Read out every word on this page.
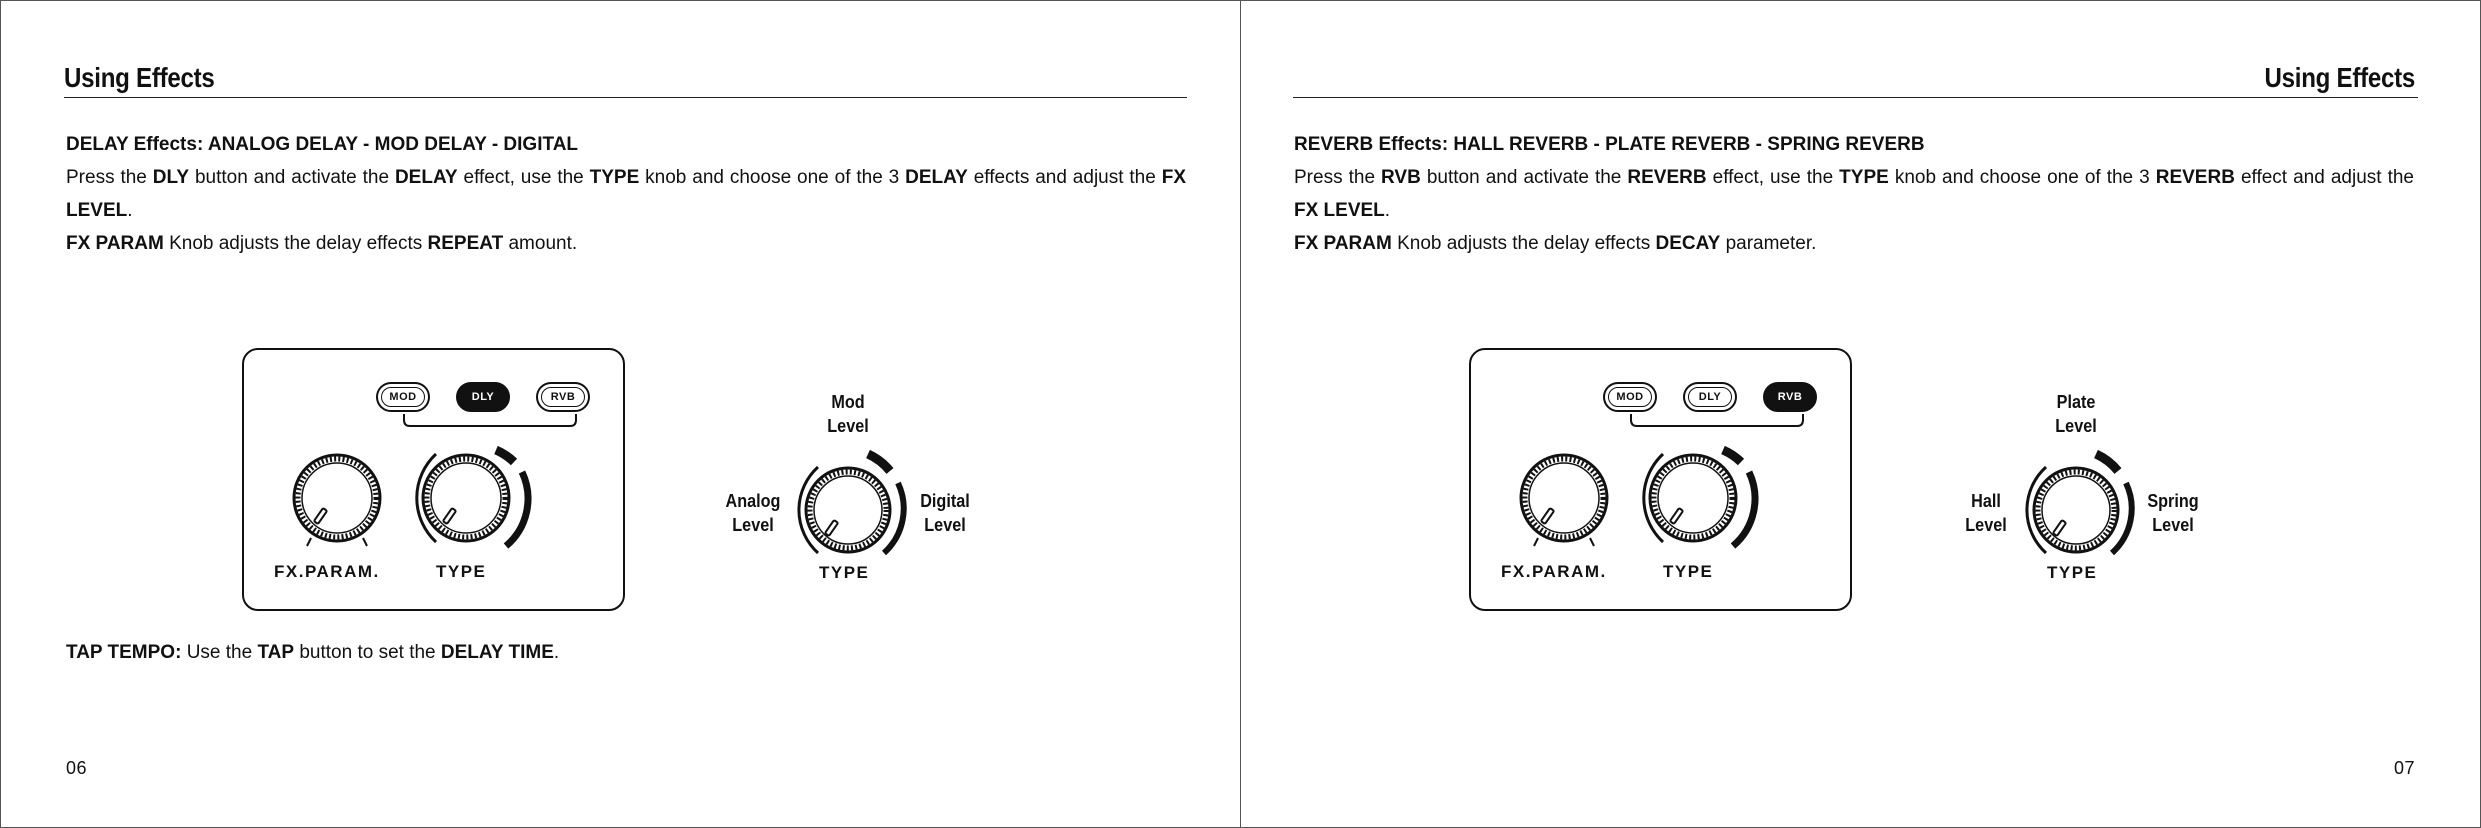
Using Effects

DELAY Effects: ANALOG DELAY - MOD DELAY - DIGITAL

Press the DLY button and activate the DELAY effect, use the TYPE knob and choose one of the 3 DELAY effects and adjust the FX LEVEL.

FX PARAM Knob adjusts the delay effects REPEAT amount.

MOD	DLY	RVB
FX.PARAM.	TYPE
Mod
Level
Analog
Level
Digital
Level
TYPE

TAP TEMPO: Use the TAP button to set the DELAY TIME.

06
Using Effects

REVERB Effects: HALL REVERB - PLATE REVERB - SPRING REVERB

Press the RVB button and activate the REVERB effect, use the TYPE knob and choose one of the 3 REVERB effect and adjust the FX LEVEL.

FX PARAM Knob adjusts the delay effects DECAY parameter.

MOD	DLY	RVB
FX.PARAM.	TYPE
Plate
Level
Hall
Level
Spring
Level
TYPE
07
